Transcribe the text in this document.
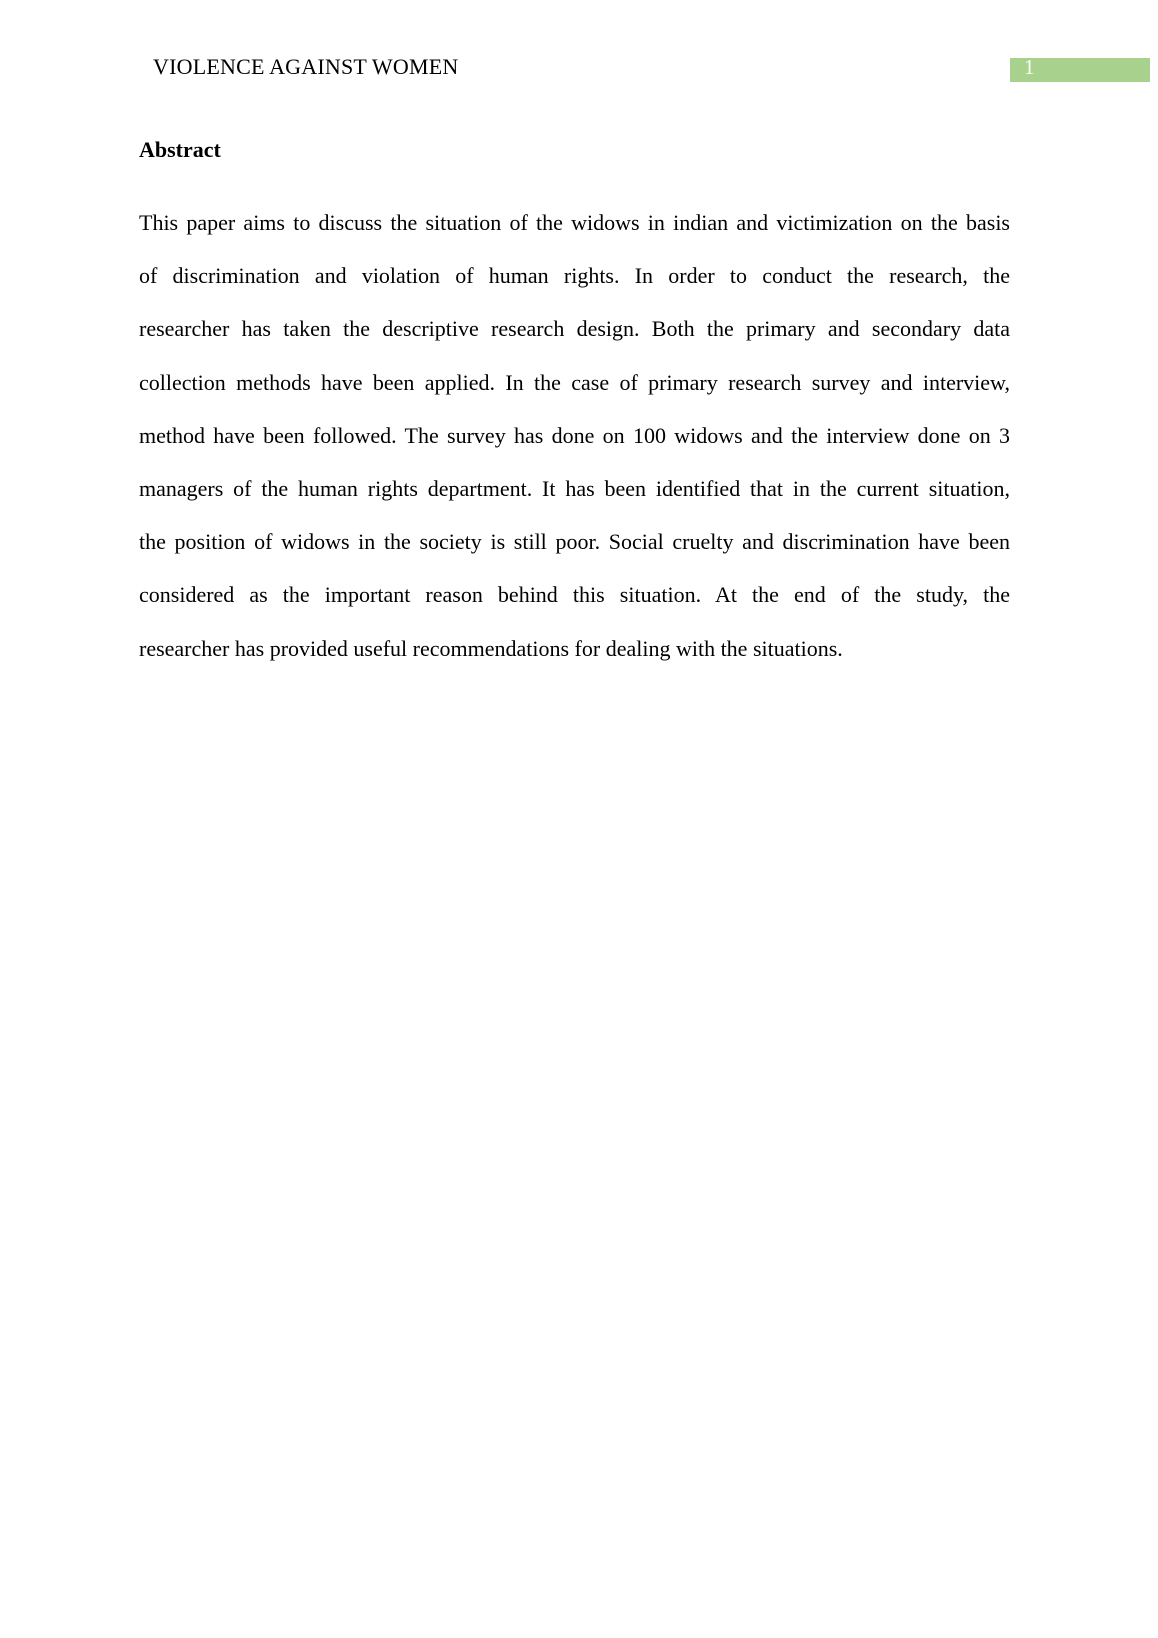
VIOLENCE AGAINST WOMEN	1
Abstract
This paper aims to discuss the situation of the widows in indian and victimization on the basis
of discrimination and violation of human rights. In order to conduct the research, the
researcher has taken the descriptive research design. Both the primary and secondary data
collection methods have been applied. In the case of primary research survey and interview,
method have been followed. The survey has done on 100 widows and the interview done on 3
managers of the human rights department. It has been identified that in the current situation,
the position of widows in the society is still poor. Social cruelty and discrimination have been
considered as the important reason behind this situation. At the end of the study, the
researcher has provided useful recommendations for dealing with the situations.
